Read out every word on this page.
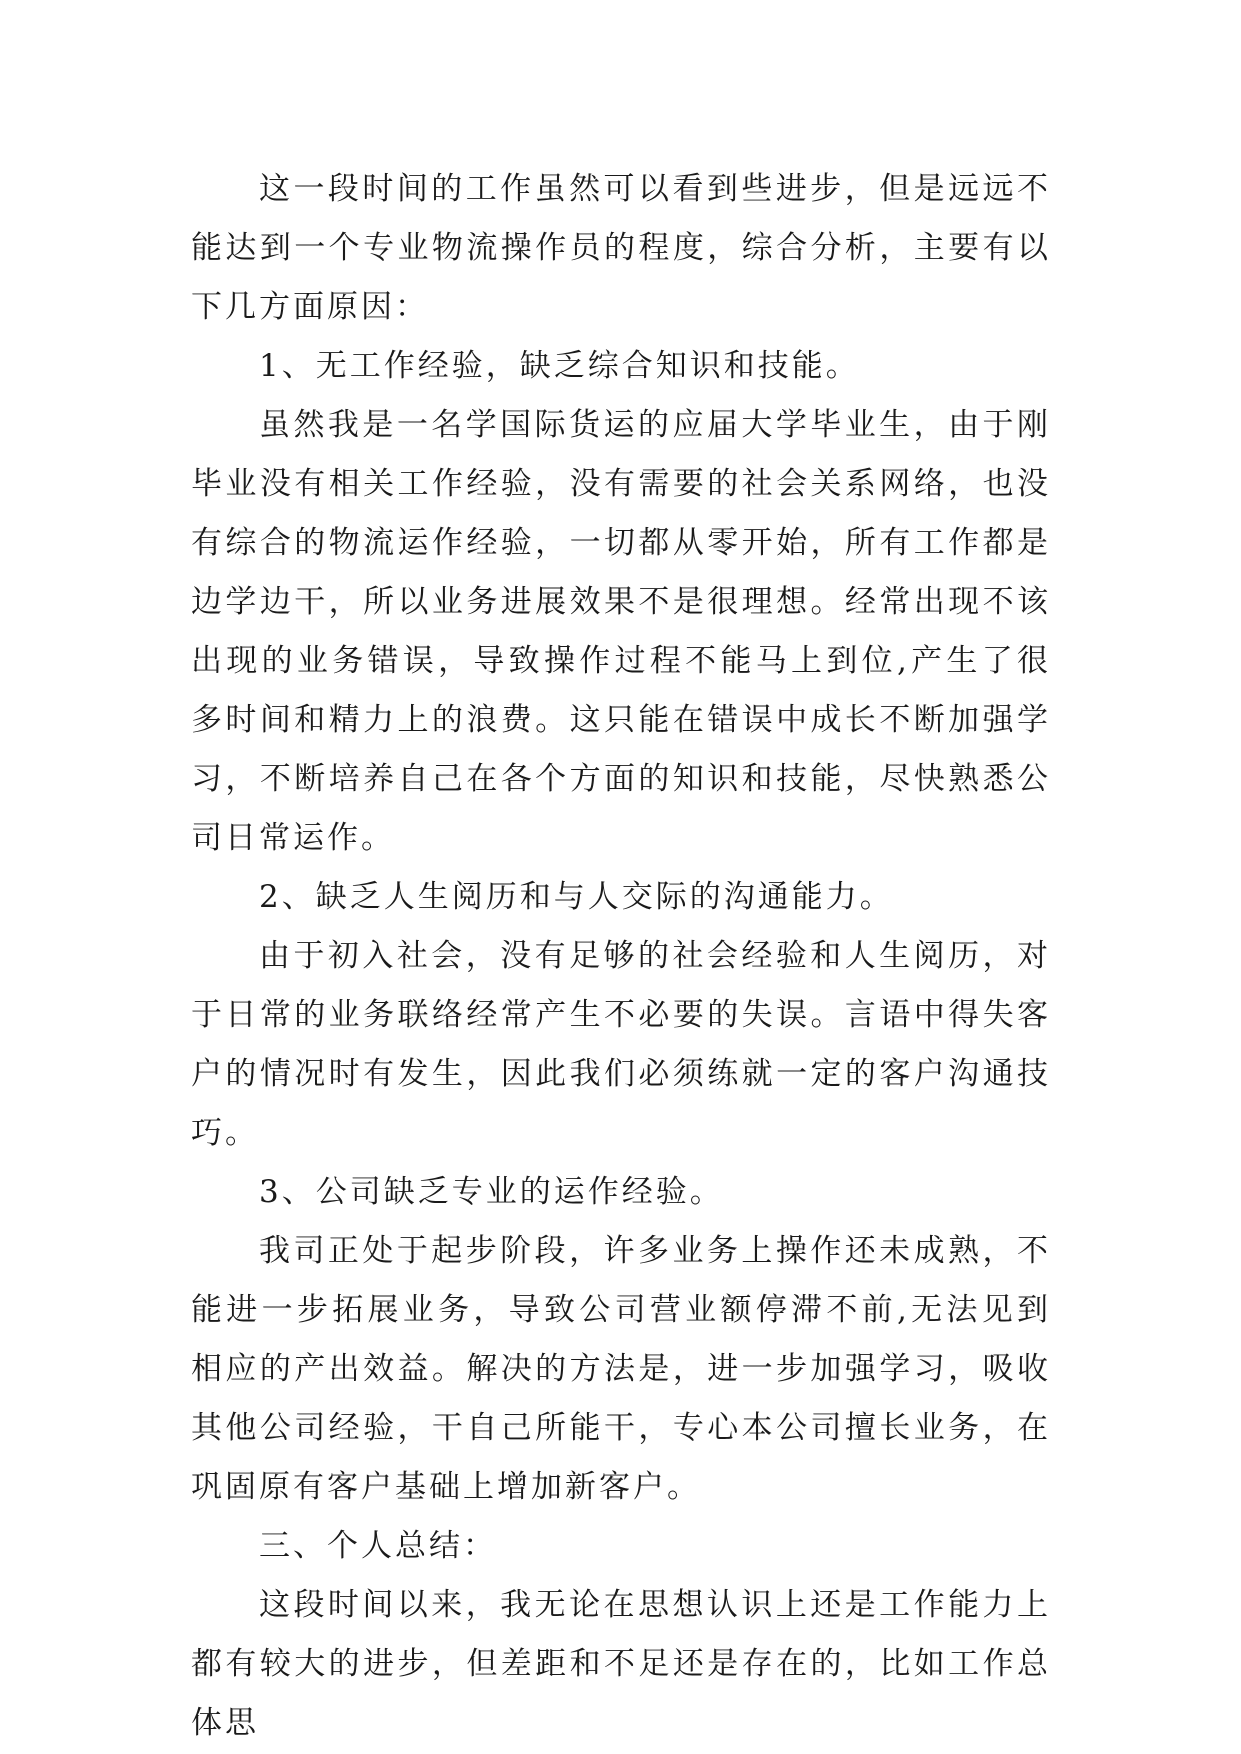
这一段时间的工作虽然可以看到些进步，但是远远不能达到一个专业物流操作员的程度，综合分析，主要有以下几方面原因：

1、无工作经验，缺乏综合知识和技能。

虽然我是一名学国际货运的应届大学毕业生，由于刚毕业没有相关工作经验，没有需要的社会关系网络，也没有综合的物流运作经验，一切都从零开始，所有工作都是边学边干，所以业务进展效果不是很理想。经常出现不该出现的业务错误，导致操作过程不能马上到位,产生了很多时间和精力上的浪费。这只能在错误中成长不断加强学习，不断培养自己在各个方面的知识和技能，尽快熟悉公司日常运作。

2、缺乏人生阅历和与人交际的沟通能力。

由于初入社会，没有足够的社会经验和人生阅历，对于日常的业务联络经常产生不必要的失误。言语中得失客户的情况时有发生，因此我们必须练就一定的客户沟通技巧。

3、公司缺乏专业的运作经验。

我司正处于起步阶段，许多业务上操作还未成熟，不能进一步拓展业务，导致公司营业额停滞不前,无法见到相应的产出效益。解决的方法是，进一步加强学习，吸收其他公司经验，干自己所能干，专心本公司擅长业务，在巩固原有客户基础上增加新客户。

三、个人总结：

这段时间以来，我无论在思想认识上还是工作能力上都有较大的进步，但差距和不足还是存在的，比如工作总体思
